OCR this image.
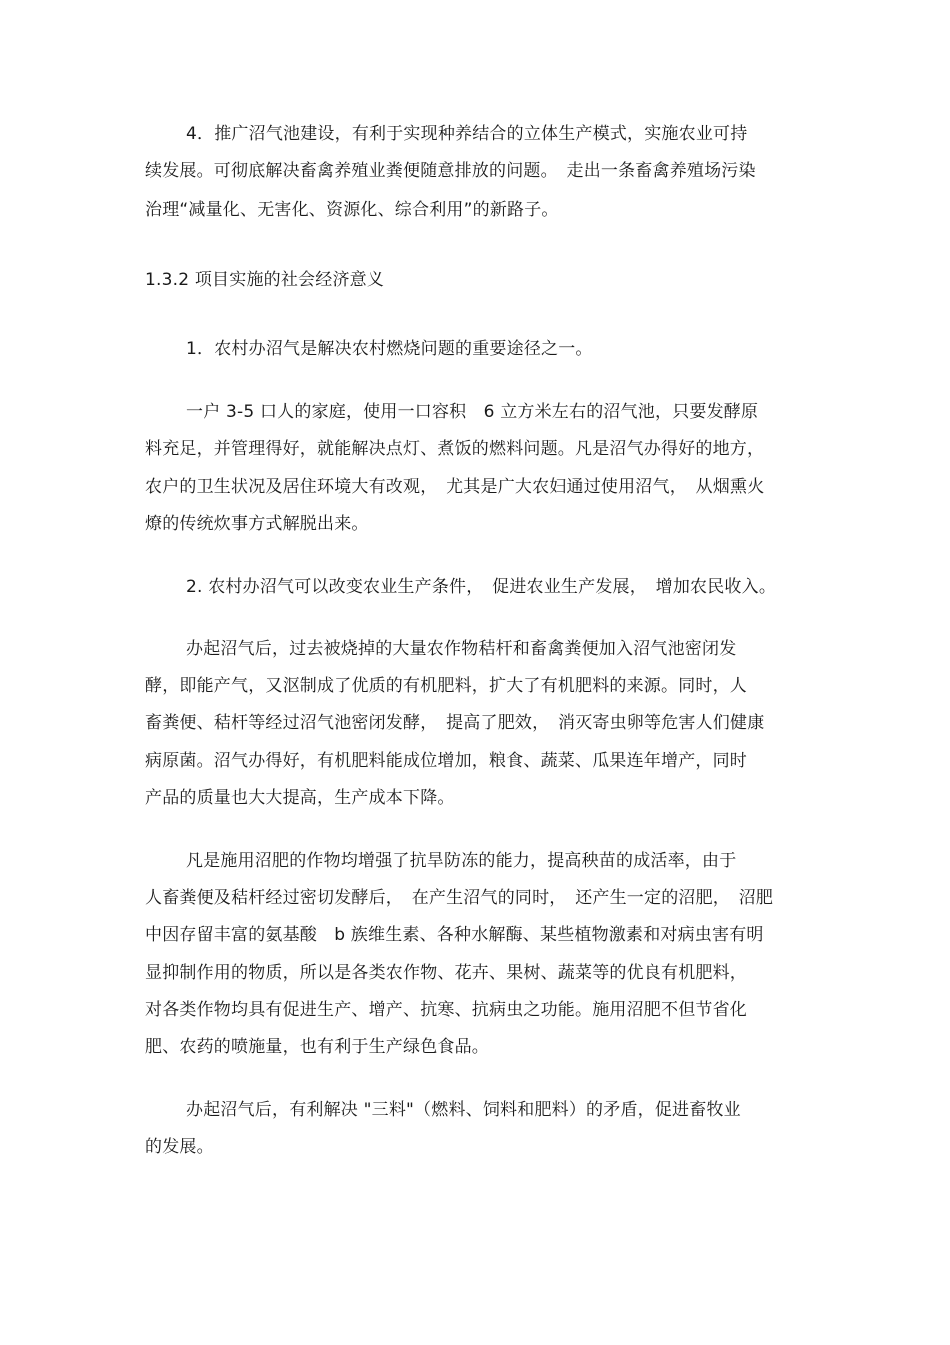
4．推广沼气池建设，有利于实现种养结合的立体生产模式，实施农业可持
续发展。可彻底解决畜禽养殖业粪便随意排放的问题。　走出一条畜禽养殖场污染
治理“减量化、无害化、资源化、综合利用”的新路子。
1.3.2 项目实施的社会经济意义
1．农村办沼气是解决农村燃烧问题的重要途径之一。
一户 3-5 口人的家庭，使用一口容积　6 立方米左右的沼气池，只要发酵原
料充足，并管理得好，就能解决点灯、煮饭的燃料问题。凡是沼气办得好的地方，
农户的卫生状况及居住环境大有改观，　尤其是广大农妇通过使用沼气，　从烟熏火
燎的传统炊事方式解脱出来。
2. 农村办沼气可以改变农业生产条件，　促进农业生产发展，　增加农民收入。
办起沼气后，过去被烧掉的大量农作物秸杆和畜禽粪便加入沼气池密闭发
酵，即能产气，又沤制成了优质的有机肥料，扩大了有机肥料的来源。同时，人
畜粪便、秸杆等经过沼气池密闭发酵，　提高了肥效，　消灭寄虫卵等危害人们健康
病原菌。沼气办得好，有机肥料能成位增加，粮食、蔬菜、瓜果连年增产，同时
产品的质量也大大提高，生产成本下降。
凡是施用沼肥的作物均增强了抗旱防冻的能力，提高秧苗的成活率，由于
人畜粪便及秸杆经过密切发酵后，　在产生沼气的同时，　还产生一定的沼肥，　沼肥
中因存留丰富的氨基酸　b 族维生素、各种水解酶、某些植物激素和对病虫害有明
显抑制作用的物质，所以是各类农作物、花卉、果树、蔬菜等的优良有机肥料，
对各类作物均具有促进生产、增产、抗寒、抗病虫之功能。施用沼肥不但节省化
肥、农药的喷施量，也有利于生产绿色食品。
办起沼气后，有利解决 "三料"（燃料、饲料和肥料）的矛盾，促进畜牧业
的发展。
